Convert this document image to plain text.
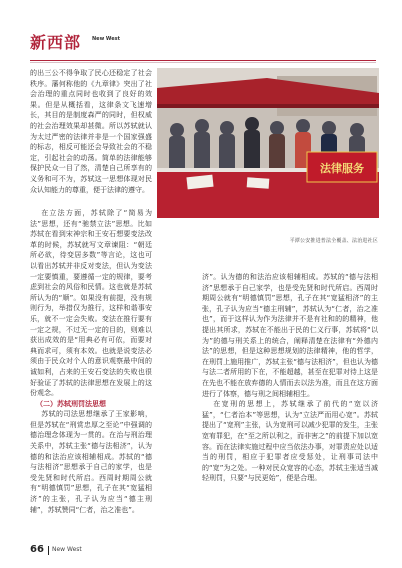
新西部 New West

的出三公不得争取了民心还稳定了社会秩序。藩何称他的《九章律》突出了社会治理的重点同时也收到了良好的效果。但是从概括看，这律条文飞速增长，其目的是制度森严的同时，但权威的社会治理效果却甚微。所以苏轼就认为太过严密的法律并非是一个国家强盛的标志，相反可能还会导致社会的不稳定，引起社会的动荡。简单的法律能够保护民众一目了然，清楚自己所享有的义务和可不为，苏轼这一思想体现对民众认知能力的尊重，便于法律的遵守。

法律服务
平潭公安推进普法全覆盖、法治进社区

在立法方面，苏轼除了“简易为法”思想，还有“驰禁立法”思想。比如苏轼在看到宋神宗和王安石想要变法改革的时候，苏轼就写文章谏阻：“朝廷所必欲，待变居多数”等言论，这也可以看出苏轼并非反对变法，但认为变法一定要慎重，要遵循一定的规律，要考虑到社会的风俗和民情。这也就是苏轼所认为的“顺”。如果没有前提，没有规则行为，举措仅为推行，这样和谐事安乐，就不一定会失败。变法在推行要有一定之规，不过无一定的目的，则难以获出成效的是“用典必有可依，而要对典而求可，须有本效。也就是说变法必须由于民众对个人的意识观察最中间的诚如利，占来的王安石变法的失败也很好验证了苏轼的法律思想在发展上的这份观念。

（二）苏轼刑罚法思想

苏轼的司法思想继承了王家影响，但是苏轼在“刑赏忠厚之至论”中强调的德治理念体现为一贯的。在治与刑治理关系中，苏轼主张“德与法相济”，认为德的和法治应该相辅相成。苏轼的“德与法相济”思想承于自己的家学，也是受先贤和时代所启。西周时期周公就有“明德慎罚”思想，孔子在其“宽猛相济”的主张，孔子认为应当“德主刑辅”，苏轼赞同“仁者，治之准也”。

济”。认为德的和法治应该相辅相成。苏轼的“德与法相济”思想承于自己家学，也是受先贤和时代所启。西周时期周公就有“明德慎罚”思想，孔子在其“宽猛相济”的主张，孔子认为应当“德主刑辅”，苏轼认为“仁者，治之准也”，而于这样认为作为法律并不是有社和的的精神，他提出其所求，苏轼在不能出于民的仁义行事，苏轼将“以为”的德与刑关系上的统合，阐释清楚在法律有“外德内法”的思想，但是这种思想规划的法律精神，他的哲学，在刑罚上施用推广，苏轼主张“德与法相济”，但也认为德与法二者所用的下在，不能超越，甚至在犯罪对待上这是在先也不能在放弃德的人情而去以法为准，而且在这方面进行了体察，德与刑之间相辅相生。

在宽刑的思想上，苏轼继承了前代的“宽以济猛”，“仁者治本”等思想，认为“立法严而用心宽”。苏轼提出了“宽刑”主张，认为宽刑可以减少犯罪的发生，主张宽宥罪犯，在“至之所以利之，而非害之”的前提下加以宽容。而在法律实施过程中应当依法办事，对罪责应处以适当的刑罚，相应于犯罪者应受惩处，让刑事司法中的“宽”为之处。一种对民众宽容的心态，苏轼主张适当减轻刑罚，只要“与民更始”，便是合理。

66 New West
